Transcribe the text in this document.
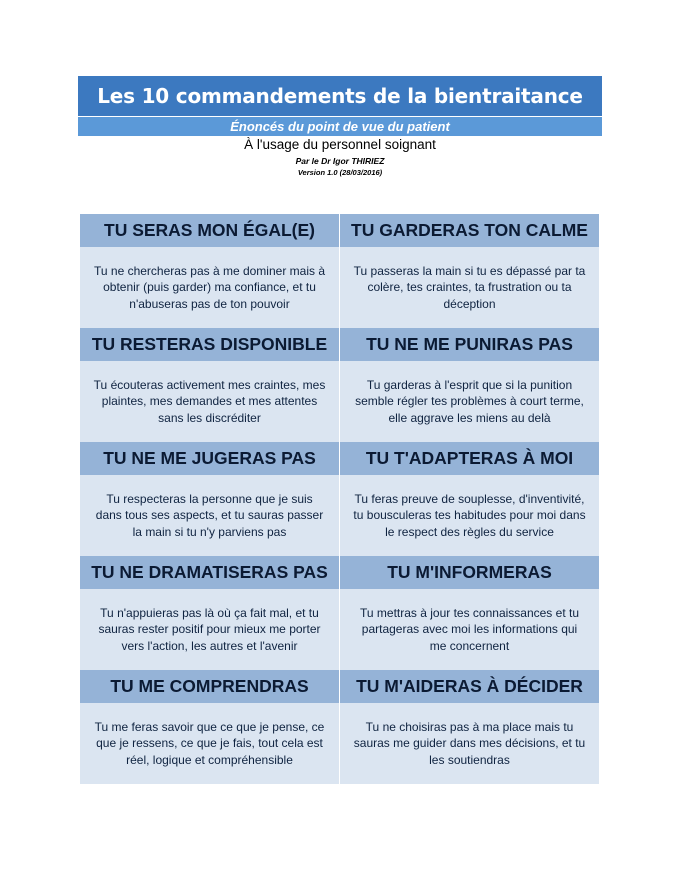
Les 10 commandements de la bientraitance
Énoncés du point de vue du patient
À l'usage du personnel soignant
Par le Dr Igor THIRIEZ
Version 1.0 (28/03/2016)
TU SERAS MON ÉGAL(E)
Tu ne chercheras pas à me dominer mais à obtenir (puis garder) ma confiance, et tu n'abuseras pas de ton pouvoir
TU GARDERAS TON CALME
Tu passeras la main si tu es dépassé par ta colère, tes craintes, ta frustration ou ta déception
TU RESTERAS DISPONIBLE
Tu écouteras activement mes craintes, mes plaintes, mes demandes et mes attentes sans les discréditer
TU NE ME PUNIRAS PAS
Tu garderas à l'esprit que si la punition semble régler tes problèmes à court terme, elle aggrave les miens au delà
TU NE ME JUGERAS PAS
Tu respecteras la personne que je suis dans tous ses aspects, et tu sauras passer la main si tu n'y parviens pas
TU T'ADAPTERAS À MOI
Tu feras preuve de souplesse, d'inventivité, tu bousculeras tes habitudes pour moi dans le respect des règles du service
TU NE DRAMATISERAS PAS
Tu n'appuieras pas là où ça fait mal, et tu sauras rester positif pour mieux me porter vers l'action, les autres et l'avenir
TU M'INFORMERAS
Tu mettras à jour tes connaissances et tu partageras avec moi les informations qui me concernent
TU ME COMPRENDRAS
Tu me feras savoir que ce que je pense, ce que je ressens, ce que je fais, tout cela est réel, logique et compréhensible
TU M'AIDERAS À DÉCIDER
Tu ne choisiras pas à ma place mais tu sauras me guider dans mes décisions, et tu les soutiendras
